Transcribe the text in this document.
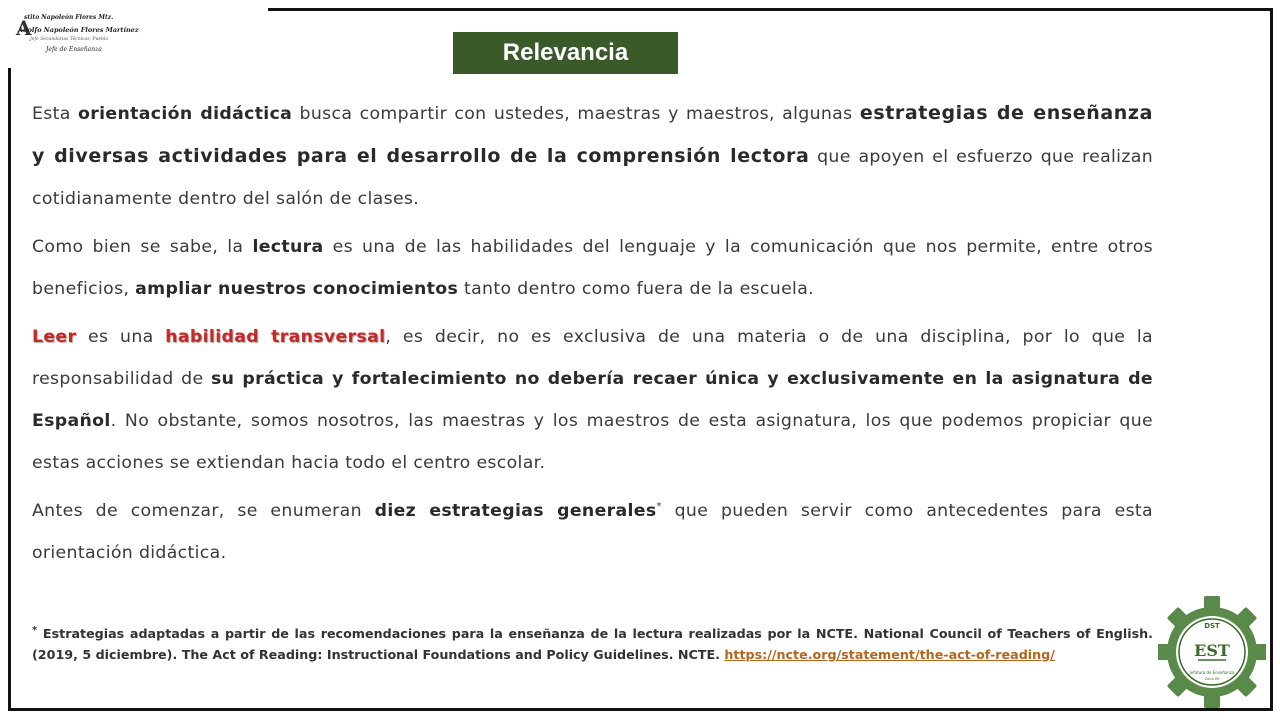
A
stito Napoleón Flores Mtz.
Adolfo Napoleón Flores Martínez
Jefe Secundarias Técnicas, Puebla
Jefe de Enseñanza	Relevancia

Esta orientación didáctica busca compartir con ustedes, maestras y maestros, algunas estrategias de enseñanza y diversas actividades para el desarrollo de la comprensión lectora que apoyen el esfuerzo que realizan cotidianamente dentro del salón de clases.

Como bien se sabe, la lectura es una de las habilidades del lenguaje y la comunicación que nos permite, entre otros beneficios, ampliar nuestros conocimientos tanto dentro como fuera de la escuela.

Leer es una habilidad transversal, es decir, no es exclusiva de una materia o de una disciplina, por lo que la responsabilidad de su práctica y fortalecimiento no debería recaer única y exclusivamente en la asignatura de Español. No obstante, somos nosotros, las maestras y los maestros de esta asignatura, los que podemos propiciar que estas acciones se extiendan hacia todo el centro escolar.

Antes de comenzar, se enumeran diez estrategias generales* que pueden servir como antecedentes para esta orientación didáctica.

* Estrategias adaptadas a partir de las recomendaciones para la enseñanza de la lectura realizadas por la NCTE. National Council of Teachers of English. (2019, 5 diciembre). The Act of Reading: Instructional Foundations and Policy Guidelines. NCTE. https://ncte.org/statement/the-act-of-reading/
DST
EST
Jefatura de Enseñanza
Zona 09
